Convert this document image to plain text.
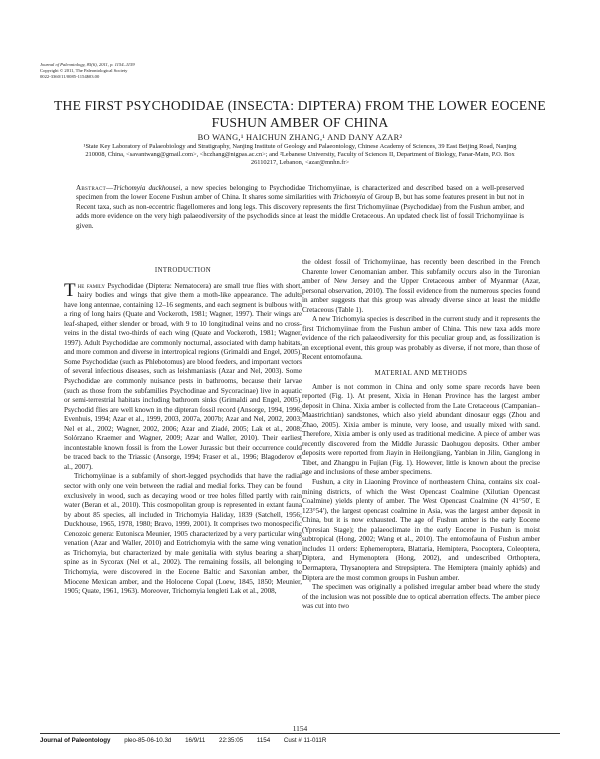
Journal of Paleontology, 85(6), 2011, p. 1154–1159
Copyright © 2011, The Paleontological Society
0022-3360/11/0085-1154$03.00
THE FIRST PSYCHODIDAE (INSECTA: DIPTERA) FROM THE LOWER EOCENE FUSHUN AMBER OF CHINA
BO WANG,¹ HAICHUN ZHANG,¹ AND DANY AZAR²
¹State Key Laboratory of Palaeobiology and Stratigraphy, Nanjing Institute of Geology and Palaeontology, Chinese Academy of Sciences, 39 East Beijing Road, Nanjing 210008, China, <savantwang@gmail.com>, <hczhang@nigpas.ac.cn>; and ²Lebanese University, Faculty of Sciences II, Department of Biology, Fanar-Matn, P.O. Box 26110217, Lebanon, <azar@mnhn.fr>
Abstract—Trichomyia duckhousei, a new species belonging to Psychodidae Trichomyiinae, is characterized and described based on a well-preserved specimen from the lower Eocene Fushun amber of China. It shares some similarities with Trichomyia of Group B, but has some features present in but not in Recent taxa, such as non-eccentric flagellomeres and long legs. This discovery represents the first Trichomyiinae (Psychodidae) from the Fushun amber, and adds more evidence on the very high palaeodiversity of the psychodids since at least the middle Cretaceous. An updated check list of fossil Trichomyiinae is given.
INTRODUCTION

The family Psychodidae (Diptera: Nematocera) are small true flies with short, hairy bodies and wings that give them a moth-like appearance. The adults have long antennae, containing 12–16 segments, and each segment is bulbous with a ring of long hairs (Quate and Vockeroth, 1981; Wagner, 1997). Their wings are leaf-shaped, either slender or broad, with 9 to 10 longitudinal veins and no cross-veins in the distal two-thirds of each wing (Quate and Vockeroth, 1981; Wagner, 1997). Adult Psychodidae are commonly nocturnal, associated with damp habitats, and more common and diverse in intertropical regions (Grimaldi and Engel, 2005). Some Psychodidae (such as Phlebotomus) are blood feeders, and important vectors of several infectious diseases, such as leishmaniasis (Azar and Nel, 2003). Some Psychodidae are commonly nuisance pests in bathrooms, because their larvae (such as those from the subfamilies Psychodinae and Sycoracinae) live in aquatic or semi-terrestrial habitats including bathroom sinks (Grimaldi and Engel, 2005). Psychodid flies are well known in the dipteran fossil record (Ansorge, 1994, 1996; Evenhuis, 1994; Azar et al., 1999, 2003, 2007a, 2007b; Azar and Nel, 2002, 2003; Nel et al., 2002; Wagner, 2002, 2006; Azar and Ziadé, 2005; Lak et al., 2008; Solórzano Kraemer and Wagner, 2009; Azar and Waller, 2010). Their earliest incontestable known fossil is from the Lower Jurassic but their occurrence could be traced back to the Triassic (Ansorge, 1994; Fraser et al., 1996; Blagoderov et al., 2007).

Trichomyiinae is a subfamily of short-legged psychodids that have the radial sector with only one vein between the radial and medial forks. They can be found exclusively in wood, such as decaying wood or tree holes filled partly with rain water (Beran et al., 2010). This cosmopolitan group is represented in extant fauna by about 85 species, all included in Trichomyia Haliday, 1839 (Satchell, 1956; Duckhouse, 1965, 1978, 1980; Bravo, 1999, 2001). It comprises two monospecific Cenozoic genera: Eutonisca Meunier, 1905 characterized by a very particular wing venation (Azar and Waller, 2010) and Eotrichomyia with the same wing venation as Trichomyia, but characterized by male genitalia with stylus bearing a sharp spine as in Sycorax (Nel et al., 2002). The remaining fossils, all belonging to Trichomyia, were discovered in the Eocene Baltic and Saxonian amber, the Miocene Mexican amber, and the Holocene Copal (Loew, 1845, 1850; Meunier, 1905; Quate, 1961, 1963). Moreover, Trichomyia lengleti Lak et al., 2008,

the oldest fossil of Trichomyiinae, has recently been described in the French Charente lower Cenomanian amber. This subfamily occurs also in the Turonian amber of New Jersey and the Upper Cretaceous amber of Myanmar (Azar, personal observation, 2010). The fossil evidence from the numerous species found in amber suggests that this group was already diverse since at least the middle Cretaceous (Table 1).

A new Trichomyia species is described in the current study and it represents the first Trichomyiinae from the Fushun amber of China. This new taxa adds more evidence of the rich palaeodiversity for this peculiar group and, as fossilization is an exceptional event, this group was probably as diverse, if not more, than those of Recent entomofauna.

MATERIAL AND METHODS

Amber is not common in China and only some spare records have been reported (Fig. 1). At present, Xixia in Henan Province has the largest amber deposit in China. Xixia amber is collected from the Late Cretaceous (Campanian–Maastrichtian) sandstones, which also yield abundant dinosaur eggs (Zhou and Zhao, 2005). Xixia amber is minute, very loose, and usually mixed with sand. Therefore, Xixia amber is only used as traditional medicine. A piece of amber was recently discovered from the Middle Jurassic Daohugou deposits. Other amber deposits were reported from Jiayin in Heilongjiang, Yanbian in Jilin, Ganglong in Tibet, and Zhangpu in Fujian (Fig. 1). However, little is known about the precise age and inclusions of these amber specimens.

Fushun, a city in Liaoning Province of northeastern China, contains six coal-mining districts, of which the West Opencast Coalmine (Xilutian Opencast Coalmine) yields plenty of amber. The West Opencast Coalmine (N 41°50′, E 123°54′), the largest opencast coalmine in Asia, was the largest amber deposit in China, but it is now exhausted. The age of Fushun amber is the early Eocene (Ypresian Stage); the palaeoclimate in the early Eocene in Fushun is moist subtropical (Hong, 2002; Wang et al., 2010). The entomofauna of Fushun amber includes 11 orders: Ephemeroptera, Blattaria, Hemiptera, Psocoptera, Coleoptera, Diptera, and Hymenoptera (Hong, 2002), and undescribed Orthoptera, Dermaptera, Thysanoptera and Strepsiptera. The Hemiptera (mainly aphids) and Diptera are the most common groups in Fushun amber.

The specimen was originally a polished irregular amber bead where the study of the inclusion was not possible due to optical aberration effects. The amber piece was cut into two

1154
Journal of Paleontology pleo-85-06-10.3d 16/9/11 22:35:05 1154 Cust # 11-011R
